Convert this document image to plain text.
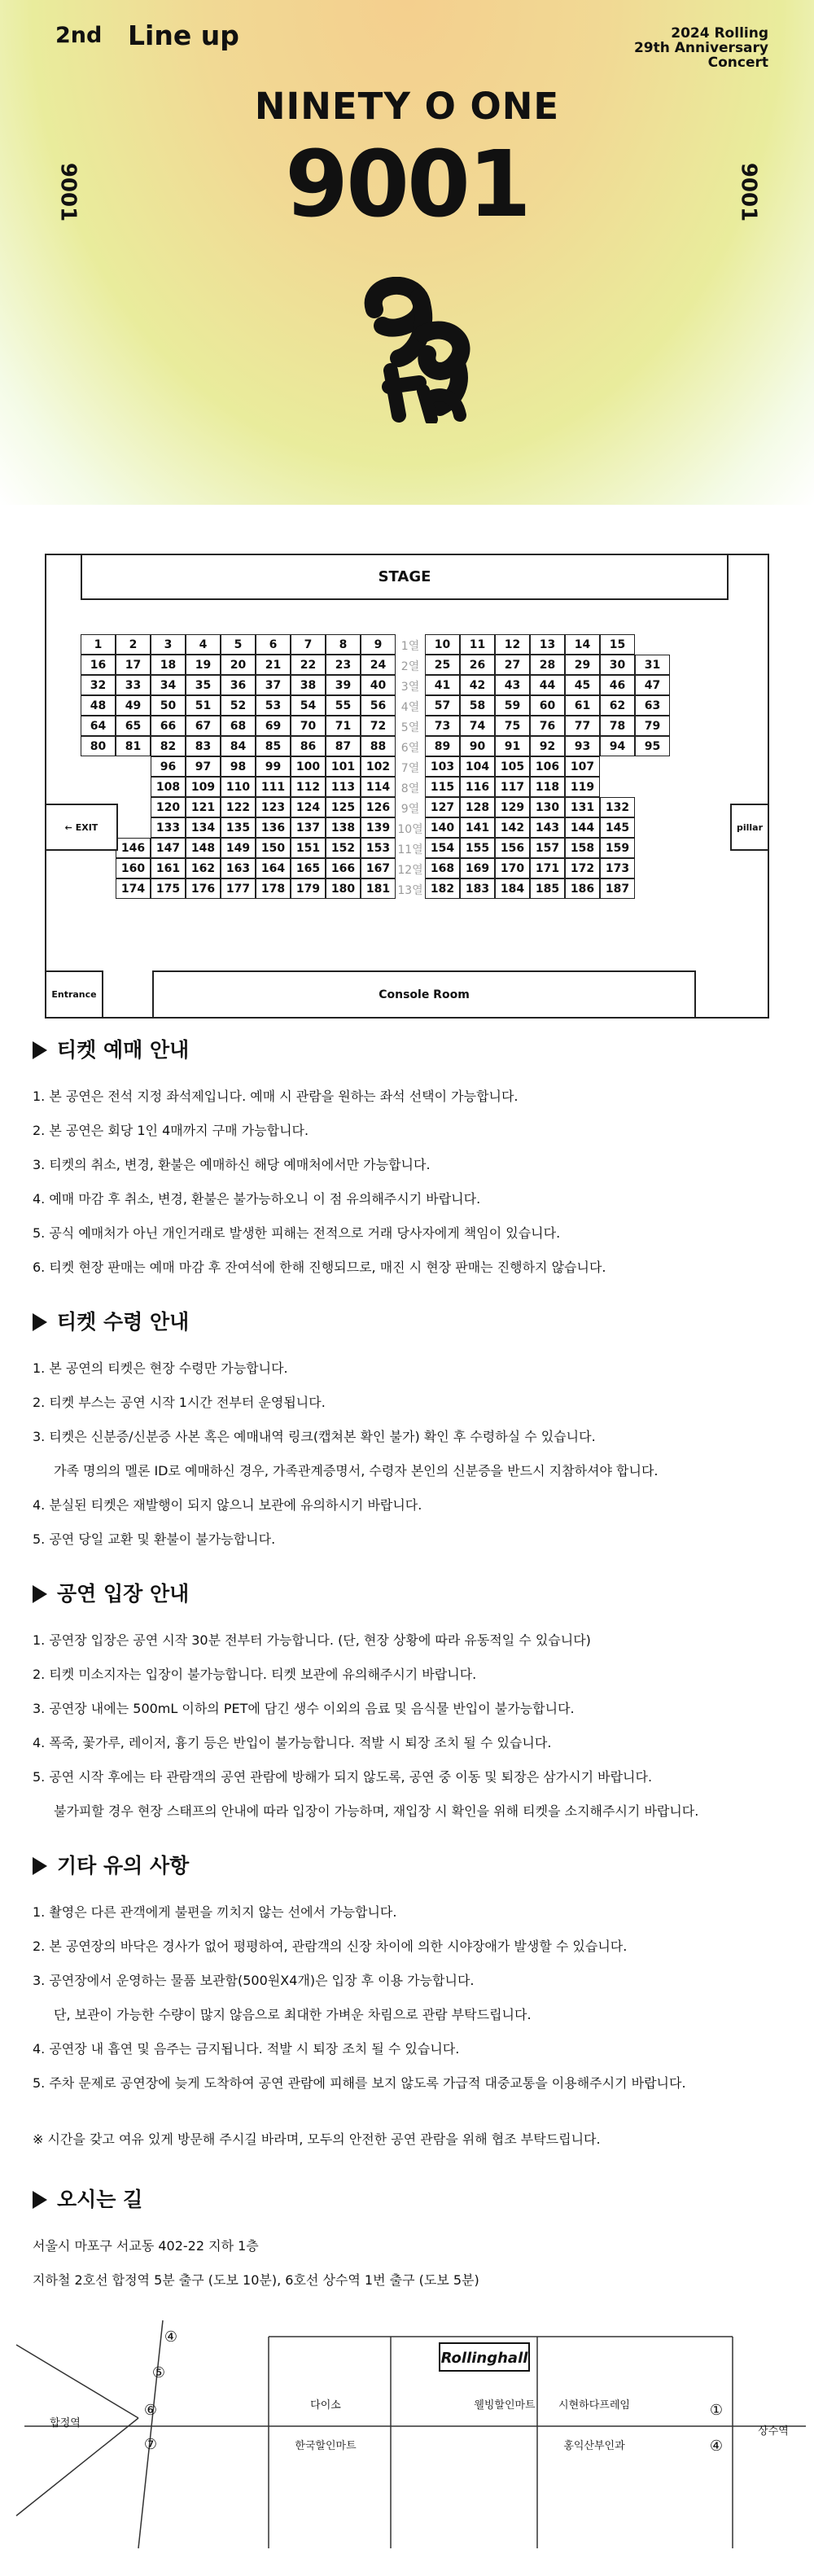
2nd Line up	2024 Rolling
29th Anniversary
Concert
NINETY O ONE
9001
9001	9001
STAGE
1	2	3	4	5	6	7	8	9	1열	10	11	12	13	14	15
16	17	18	19	20	21	22	23	24	2열	25	26	27	28	29	30	31
32	33	34	35	36	37	38	39	40	3열	41	42	43	44	45	46	47
48	49	50	51	52	53	54	55	56	4열	57	58	59	60	61	62	63
64	65	66	67	68	69	70	71	72	5열	73	74	75	76	77	78	79
80	81	82	83	84	85	86	87	88	6열	89	90	91	92	93	94	95
96	97	98	99	100 101 102 7열 103 104 105 106 107
108 109 110 111 112 113 114 8열 115 116 117 118 119
120 121 122 123 124 125 126 9열 127 128 129 130 131 132
133 134 135 136 137 138 139 10열 140 141 142 143 144 145
146 147 148 149 150 151 152 153 11열 154 155 156 157 158 159
160 161 162 163 164 165 166 167 12열 168 169 170 171 172 173
174 175 176 177 178 179 180 181 13열 182 183 184 185 186 187
← EXIT	pillar
Entrance	Console Room
티켓 예매 안내
1. 본 공연은 전석 지정 좌석제입니다. 예매 시 관람을 원하는 좌석 선택이 가능합니다.
2. 본 공연은 회당 1인 4매까지 구매 가능합니다.
3. 티켓의 취소, 변경, 환불은 예매하신 해당 예매처에서만 가능합니다.
4. 예매 마감 후 취소, 변경, 환불은 불가능하오니 이 점 유의해주시기 바랍니다.
5. 공식 예매처가 아닌 개인거래로 발생한 피해는 전적으로 거래 당사자에게 책임이 있습니다.
6. 티켓 현장 판매는 예매 마감 후 잔여석에 한해 진행되므로, 매진 시 현장 판매는 진행하지 않습니다.
티켓 수령 안내
1. 본 공연의 티켓은 현장 수령만 가능합니다.
2. 티켓 부스는 공연 시작 1시간 전부터 운영됩니다.
3. 티켓은 신분증/신분증 사본 혹은 예매내역 링크(캡쳐본 확인 불가) 확인 후 수령하실 수 있습니다.
가족 명의의 멜론 ID로 예매하신 경우, 가족관계증명서, 수령자 본인의 신분증을 반드시 지참하셔야 합니다.
4. 분실된 티켓은 재발행이 되지 않으니 보관에 유의하시기 바랍니다.
5. 공연 당일 교환 및 환불이 불가능합니다.
공연 입장 안내
1. 공연장 입장은 공연 시작 30분 전부터 가능합니다. (단, 현장 상황에 따라 유동적일 수 있습니다)
2. 티켓 미소지자는 입장이 불가능합니다. 티켓 보관에 유의해주시기 바랍니다.
3. 공연장 내에는 500mL 이하의 PET에 담긴 생수 이외의 음료 및 음식물 반입이 불가능합니다.
4. 폭죽, 꽃가루, 레이저, 흉기 등은 반입이 불가능합니다. 적발 시 퇴장 조치 될 수 있습니다.
5. 공연 시작 후에는 타 관람객의 공연 관람에 방해가 되지 않도록, 공연 중 이동 및 퇴장은 삼가시기 바랍니다.
불가피할 경우 현장 스태프의 안내에 따라 입장이 가능하며, 재입장 시 확인을 위해 티켓을 소지해주시기 바랍니다.
기타 유의 사항
1. 촬영은 다른 관객에게 불편을 끼치지 않는 선에서 가능합니다.
2. 본 공연장의 바닥은 경사가 없어 평평하여, 관람객의 신장 차이에 의한 시야장애가 발생할 수 있습니다.
3. 공연장에서 운영하는 물품 보관함(500원X4개)은 입장 후 이용 가능합니다.
단, 보관이 가능한 수량이 많지 않음으로 최대한 가벼운 차림으로 관람 부탁드립니다.
4. 공연장 내 흡연 및 음주는 금지됩니다. 적발 시 퇴장 조치 될 수 있습니다.
5. 주차 문제로 공연장에 늦게 도착하여 공연 관람에 피해를 보지 않도록 가급적 대중교통을 이용해주시기 바랍니다.
※ 시간을 갖고 여유 있게 방문해 주시길 바라며, 모두의 안전한 공연 관람을 위해 협조 부탁드립니다.
오시는 길
서울시 마포구 서교동 402-22 지하 1층
지하철 2호선 합정역 5분 출구 (도보 10분), 6호선 상수역 1번 출구 (도보 5분)
Rollinghall
합정역
상수역
다이소
한국할인마트
웰빙할인마트 시현하다프레임
홍익산부인과
④
⑤
⑥
⑦
①
④
